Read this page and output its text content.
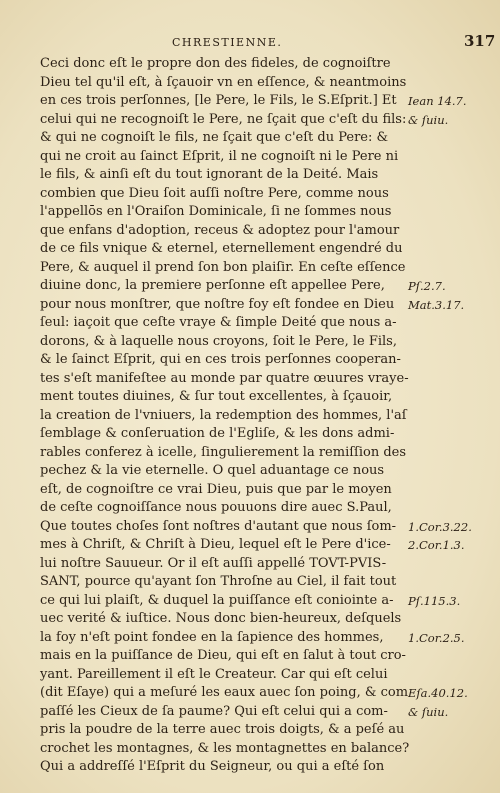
CHRESTIENNE.	317
Ceci donc eſt le propre don des fideles, de cognoiſtre
Dieu tel qu'il eſt, à ſçauoir vn en eſſence, & neantmoins
en ces trois perſonnes, [le Pere, le Fils, le S.Eſprit.] Et
celui qui ne recognoiſt le Pere, ne ſçait que c'eſt du fils:
& qui ne cognoiſt le fils, ne ſçait que c'eſt du Pere: &
qui ne croit au ſainct Eſprit, il ne cognoiſt ni le Pere ni
le fils, & ainſi eſt du tout ignorant de la Deité. Mais
combien que Dieu ſoit auſſi noſtre Pere, comme nous
l'appellōs en l'Oraiſon Dominicale, ſi ne ſommes nous
que enfans d'adoption, receus & adoptez pour l'amour
de ce fils vnique & eternel, eternellement engendré du
Pere, & auquel il prend ſon bon plaiſir. En ceſte eſſence
diuine donc, la premiere perſonne eſt appellee Pere,
pour nous monſtrer, que noſtre foy eſt fondee en Dieu
ſeul: iaçoit que ceſte vraye & ſimple Deité que nous a-
dorons, & à laquelle nous croyons, ſoit le Pere, le Fils,
& le ſainct Eſprit, qui en ces trois perſonnes cooperan-
tes s'eſt manifeſtee au monde par quatre œuures vraye-
ment toutes diuines, & ſur tout excellentes, à ſçauoir,
la creation de l'vniuers, la redemption des hommes, l'aſ
ſemblage & conſeruation de l'Egliſe, & les dons admi-
rables conferez à icelle, ſingulierement la remiſſion des
pechez & la vie eternelle. O quel aduantage ce nous
eſt, de cognoiſtre ce vrai Dieu, puis que par le moyen
de ceſte cognoiſſance nous pouuons dire auec S.Paul,
Que toutes choſes ſont noſtres d'autant que nous ſom-
mes à Chriſt, & Chriſt à Dieu, lequel eſt le Pere d'ice-
lui noſtre Sauueur. Or il eſt auſſi appellé TOVT-PVIS-
SANT, pource qu'ayant ſon Throſne au Ciel, il fait tout
ce qui lui plaiſt, & duquel la puiſſance eſt coniointe a-
uec verité & iuſtice. Nous donc bien-heureux, deſquels
la foy n'eſt point fondee en la ſapience des hommes,
mais en la puiſſance de Dieu, qui eſt en ſalut à tout cro-
yant. Pareillement il eſt le Createur. Car qui eſt celui
(dit Eſaye) qui a meſuré les eaux auec ſon poing, & com
paſſé les Cieux de ſa paume? Qui eſt celui qui a com-
pris la poudre de la terre auec trois doigts, & a peſé au
crochet les montagnes, & les montagnettes en balance?
Qui a addreſſé l'Eſprit du Seigneur, ou qui a eſté ſon
Iean 14.7.
& ſuiu.
Pſ.2.7.
Mat.3.17.
1.Cor.3.22.
2.Cor.1.3.
Pſ.115.3.
1.Cor.2.5.
Eſa.40.12.
& ſuiu.
